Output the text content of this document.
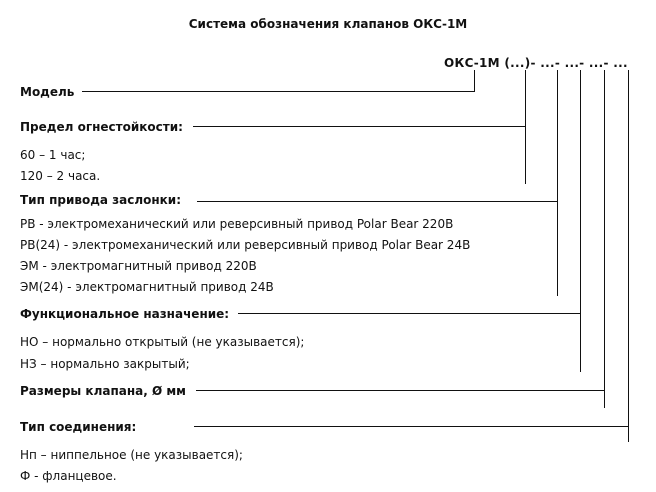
Система обозначения клапанов ОКС-1М
ОКС-1М (...)- ...- ...- ...- ...
Модель
Предел огнестойкости:
60 – 1 час;
120 – 2 часа.
Тип привода заслонки:
РВ - электромеханический или реверсивный привод Polar Bear 220В
РВ(24) - электромеханический или реверсивный привод Polar Bear 24В
ЭМ - электромагнитный привод 220В
ЭМ(24) - электромагнитный привод 24В
Функциональное назначение:
НО – нормально открытый (не указывается);
НЗ – нормально закрытый;
Размеры клапана, Ø мм
Тип соединения:
Нп – ниппельное (не указывается);
Ф - фланцевое.
